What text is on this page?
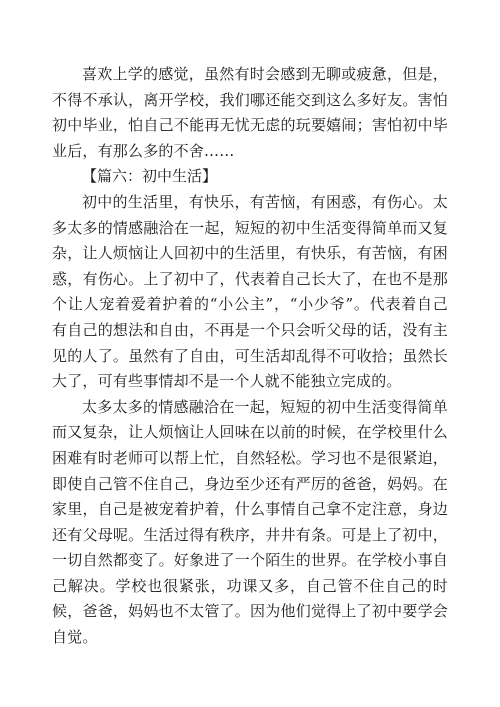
喜欢上学的感觉，虽然有时会感到无聊或疲惫，但是，不得不承认，离开学校，我们哪还能交到这么多好友。害怕初中毕业，怕自己不能再无忧无虑的玩要嬉闹；害怕初中毕业后，有那么多的不舍……

【篇六：初中生活】

初中的生活里，有快乐，有苦恼，有困惑，有伤心。太多太多的情感融洽在一起，短短的初中生活变得简单而又复杂，让人烦恼让人回初中的生活里，有快乐，有苦恼，有困惑，有伤心。上了初中了，代表着自己长大了，在也不是那个让人宠着爱着护着的“小公主”，“小少爷”。代表着自己有自己的想法和自由，不再是一个只会听父母的话，没有主见的人了。虽然有了自由，可生活却乱得不可收拾；虽然长大了，可有些事情却不是一个人就不能独立完成的。

太多太多的情感融洽在一起，短短的初中生活变得简单而又复杂，让人烦恼让人回味在以前的时候，在学校里什么困难有时老师可以帮上忙，自然轻松。学习也不是很紧迫，即使自己管不住自己，身边至少还有严厉的爸爸，妈妈。在家里，自己是被宠着护着，什么事情自己拿不定注意，身边还有父母呢。生活过得有秩序，井井有条。可是上了初中，一切自然都变了。好象进了一个陌生的世界。在学校小事自己解决。学校也很紧张，功课又多，自己管不住自己的时候，爸爸，妈妈也不太管了。因为他们觉得上了初中要学会自觉。
